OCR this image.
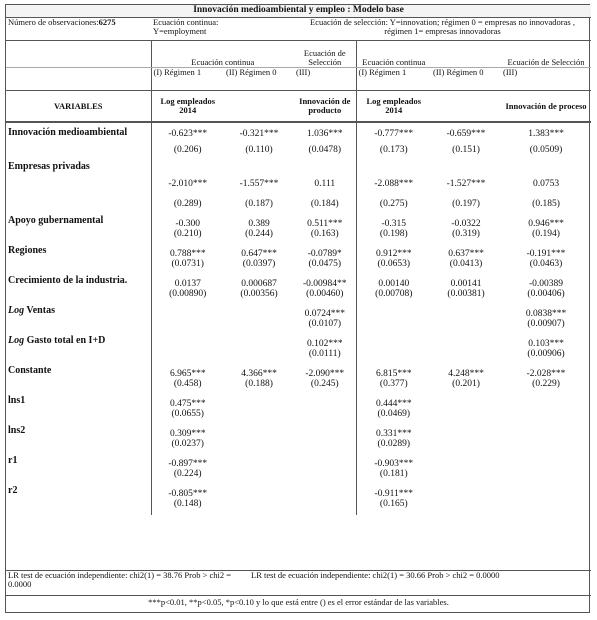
Innovación medioambiental y empleo : Modelo base
Número de observaciones:6275	Ecuación continua:
Y=employment	Ecuación de selección: Y=innovation; régimen 0 = empresas no innovadoras , régimen 1= empresas innovadoras
	Ecuación continua		Ecuación de Selección	Ecuación continua		Ecuación de Selección
	(I) Régimen 1	(II) Régimen 0	(III)	(I) Régimen 1	(II) Régimen 0	(III)
VARIABLES	Log empleados 2014		Innovación de producto	Log empleados 2014		Innovación de proceso
Innovación medioambiental	-0.623***	-0.321***	1.036***	-0.777***	-0.659***	1.383***
	(0.206)	(0.110)	(0.0478)	(0.173)	(0.151)	(0.0509)
Empresas privadas	-2.010***	-1.557***	0.111	-2.088***	-1.527***	0.0753
	(0.289)	(0.187)	(0.184)	(0.275)	(0.197)	(0.185)
Apoyo gubernamental	-0.300	0.389	0.511***	-0.315	-0.0322	0.946***
	(0.210)	(0.244)	(0.163)	(0.198)	(0.319)	(0.194)
Regiones	0.788***	0.647***	-0.0789*	0.912***	0.637***	-0.191***
	(0.0731)	(0.0397)	(0.0475)	(0.0653)	(0.0413)	(0.0463)
Crecimiento de la industria.	0.0137	0.000687	-0.00984**	0.00140	0.00141	-0.00389
	(0.00890)	(0.00356)	(0.00460)	(0.00708)	(0.00381)	(0.00406)
Log Ventas			0.0724***			0.0838***
			(0.0107)			(0.00907)
Log Gasto total en I+D			0.102***			0.103***
			(0.0111)			(0.00906)
Constante	6.965***	4.366***	-2.090***	6.815***	4.248***	-2.028***
	(0.458)	(0.188)	(0.245)	(0.377)	(0.201)	(0.229)
lns1	0.475***			0.444***		
	(0.0655)			(0.0469)		
lns2	0.309***			0.331***		
	(0.0237)			(0.0289)		
r1	-0.897***			-0.903***		
	(0.224)			(0.181)		
r2	-0.805***			-0.911***		
	(0.148)			(0.165)		
LR test de ecuación independiente: chi2(1) = 38.76 Prob > chi2 = 0.0000	LR test de ecuación independiente: chi2(1) = 30.66 Prob > chi2 = 0.0000
***p<0.01, **p<0.05, *p<0.10 y lo que está entre () es el error estándar de las variables.
